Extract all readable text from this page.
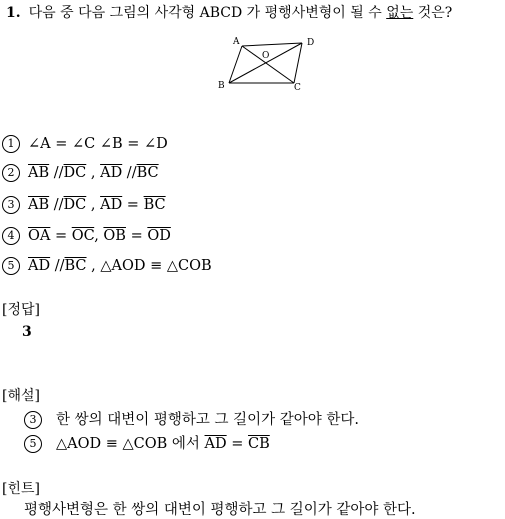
1. 다음 중 다음 그림의 사각형 ABCD 가 평행사변형이 될 수 없는 것은?
A	D
O
B	C
1 ∠A = ∠C ∠B = ∠D
2 $\overline{AB}$ $//\overline{DC}$ , $\overline{AD}$ $//\overline{BC}$
3 $\overline{AB}$ $//\overline{DC}$ , $\overline{AD} = \overline{BC}$
4 $\overline{OA} = \overline{OC}$, $\overline{OB} = \overline{OD}$
5 $\overline{AD}$ $//\overline{BC}$ , △AOD ≡ △COB
[정답]
3
[해설]
3 한 쌍의 대변이 평행하고 그 길이가 같아야 한다.
5 △AOD ≡ △COB 에서 $\overline{AD} = \overline{CB}$
[힌트]
평행사변형은 한 쌍의 대변이 평행하고 그 길이가 같아야 한다.
